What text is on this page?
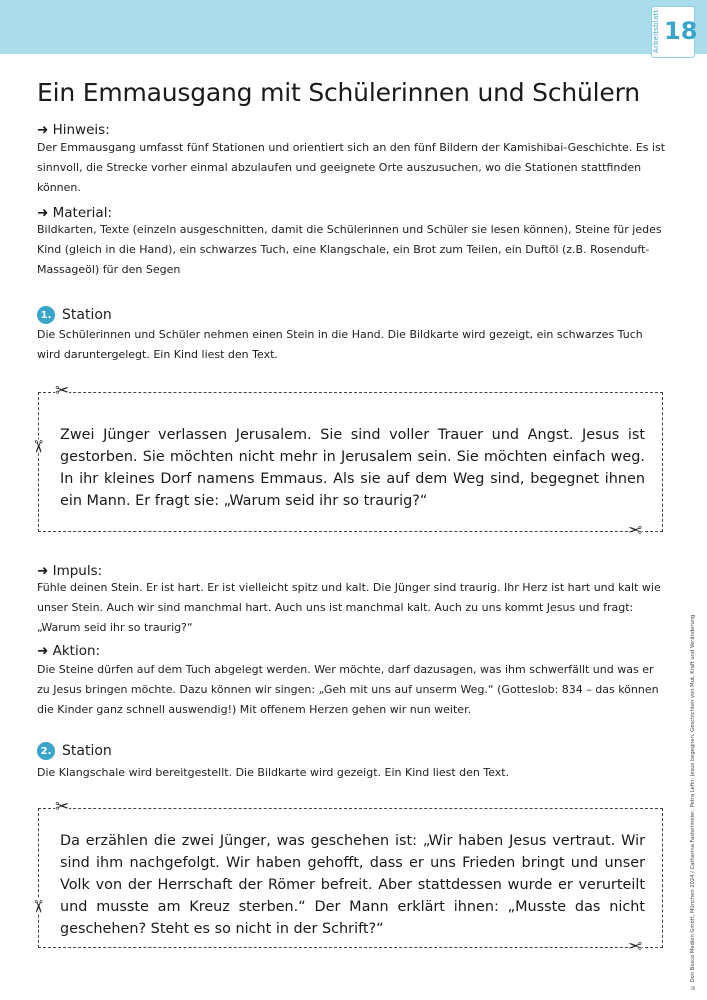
Arbeitsblatt 18
Ein Emmausgang mit Schülerinnen und Schülern

➜ Hinweis:

Der Emmausgang umfasst fünf Stationen und orientiert sich an den fünf Bildern der Kamishibai-Geschichte. Es ist sinnvoll, die Strecke vorher einmal abzulaufen und geeignete Orte auszusuchen, wo die Stationen stattfinden können.

➜ Material:

Bildkarten, Texte (einzeln ausgeschnitten, damit die Schülerinnen und Schüler sie lesen können), Steine für jedes Kind (gleich in die Hand), ein schwarzes Tuch, eine Klangschale, ein Brot zum Teilen, ein Duftöl (z.B. Rosenduft-Massageöl) für den Segen

1. Station

Die Schülerinnen und Schüler nehmen einen Stein in die Hand. Die Bildkarte wird gezeigt, ein schwarzes Tuch wird daruntergelegt. Ein Kind liest den Text.

✂
✂
✂

Zwei Jünger verlassen Jerusalem. Sie sind voller Trauer und Angst. Jesus ist gestorben. Sie möchten nicht mehr in Jerusalem sein. Sie möchten einfach weg. In ihr kleines Dorf namens Emmaus. Als sie auf dem Weg sind, begegnet ihnen ein Mann. Er fragt sie: „Warum seid ihr so traurig?“

➜ Impuls:

Fühle deinen Stein. Er ist hart. Er ist vielleicht spitz und kalt. Die Jünger sind traurig. Ihr Herz ist hart und kalt wie unser Stein. Auch wir sind manchmal hart. Auch uns ist manchmal kalt. Auch zu uns kommt Jesus und fragt: „Warum seid ihr so traurig?“

➜ Aktion:

Die Steine dürfen auf dem Tuch abgelegt werden. Wer möchte, darf dazusagen, was ihm schwerfällt und was er zu Jesus bringen möchte. Dazu können wir singen: „Geh mit uns auf unserm Weg.“ (Gotteslob: 834 – das können die Kinder ganz schnell auswendig!) Mit offenem Herzen gehen wir nun weiter.

2. Station

Die Klangschale wird bereitgestellt. Die Bildkarte wird gezeigt. Ein Kind liest den Text.

✂
✂
✂

Da erzählen die zwei Jünger, was geschehen ist: „Wir haben Jesus vertraut. Wir sind ihm nachgefolgt. Wir haben gehofft, dass er uns Frieden bringt und unser Volk von der Herrschaft der Römer befreit. Aber stattdessen wurde er verurteilt und musste am Kreuz sterben.“ Der Mann erklärt ihnen: „Musste das nicht geschehen? Steht es so nicht in der Schrift?“	© Don Bosco Medien GmbH, München 2024 / Catharina Fastenmeier, Petra Lefin: Jesus begegnen. Geschichten von Mut, Kraft und Veränderung
